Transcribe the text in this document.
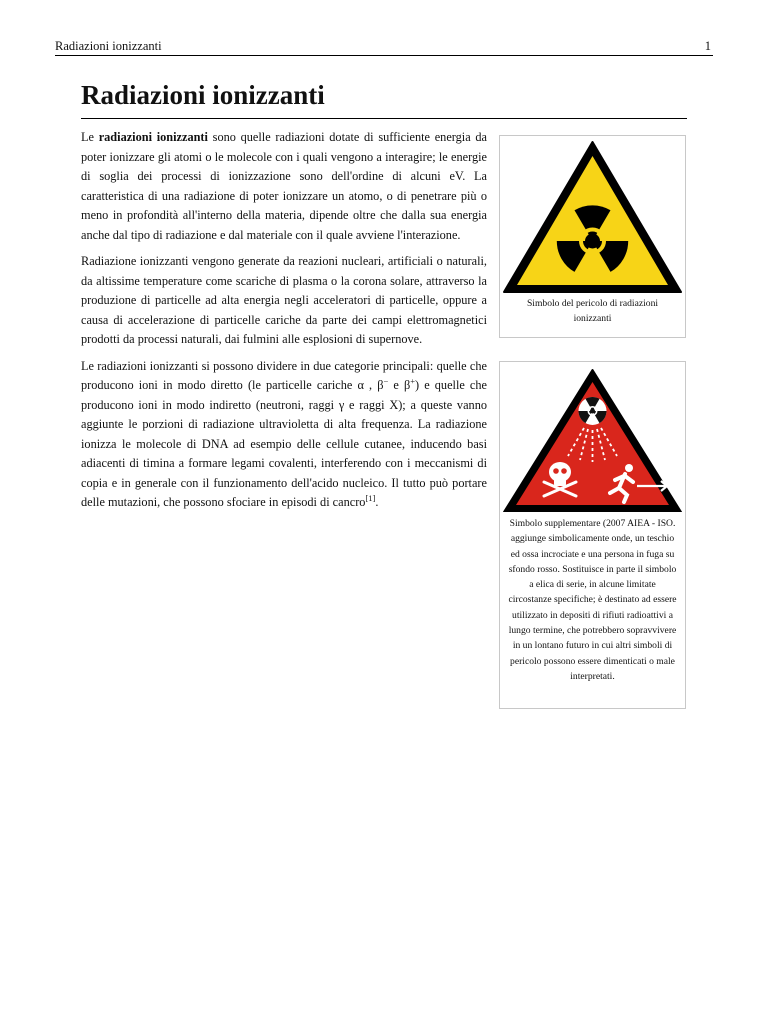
Radiazioni ionizzanti	1
Radiazioni ionizzanti

Le radiazioni ionizzanti sono quelle radiazioni dotate di sufficiente energia da poter ionizzare gli atomi o le molecole con i quali vengono a interagire; le energie di soglia dei processi di ionizzazione sono dell'ordine di alcuni eV. La caratteristica di una radiazione di poter ionizzare un atomo, o di penetrare più o meno in profondità all'interno della materia, dipende oltre che dalla sua energia anche dal tipo di radiazione e dal materiale con il quale avviene l'interazione.

Radiazione ionizzanti vengono generate da reazioni nucleari, artificiali o naturali, da altissime temperature come scariche di plasma o la corona solare, attraverso la produzione di particelle ad alta energia negli acceleratori di particelle, oppure a causa di accelerazione di particelle cariche da parte dei campi elettromagnetici prodotti da processi naturali, dai fulmini alle esplosioni di supernove.

Le radiazioni ionizzanti si possono dividere in due categorie principali: quelle che producono ioni in modo diretto (le particelle cariche α , β− e β+) e quelle che producono ioni in modo indiretto (neutroni, raggi γ e raggi X); a queste vanno aggiunte le porzioni di radiazione ultravioletta di alta frequenza. La radiazione ionizza le molecole di DNA ad esempio delle cellule cutanee, inducendo basi adiacenti di timina a formare legami covalenti, interferendo con i meccanismi di copia e in generale con il funzionamento dell'acido nucleico. Il tutto può portare delle mutazioni, che possono sfociare in episodi di cancro[1].

Simbolo del pericolo di radiazioni ionizzanti
Simbolo supplementare (2007 AIEA - ISO. aggiunge simbolicamente onde, un teschio ed ossa incrociate e una persona in fuga su sfondo rosso. Sostituisce in parte il simbolo a elica di serie, in alcune limitate circostanze specifiche; è destinato ad essere utilizzato in depositi di rifiuti radioattivi a lungo termine, che potrebbero sopravvivere in un lontano futuro in cui altri simboli di pericolo possono essere dimenticati o male interpretati.
